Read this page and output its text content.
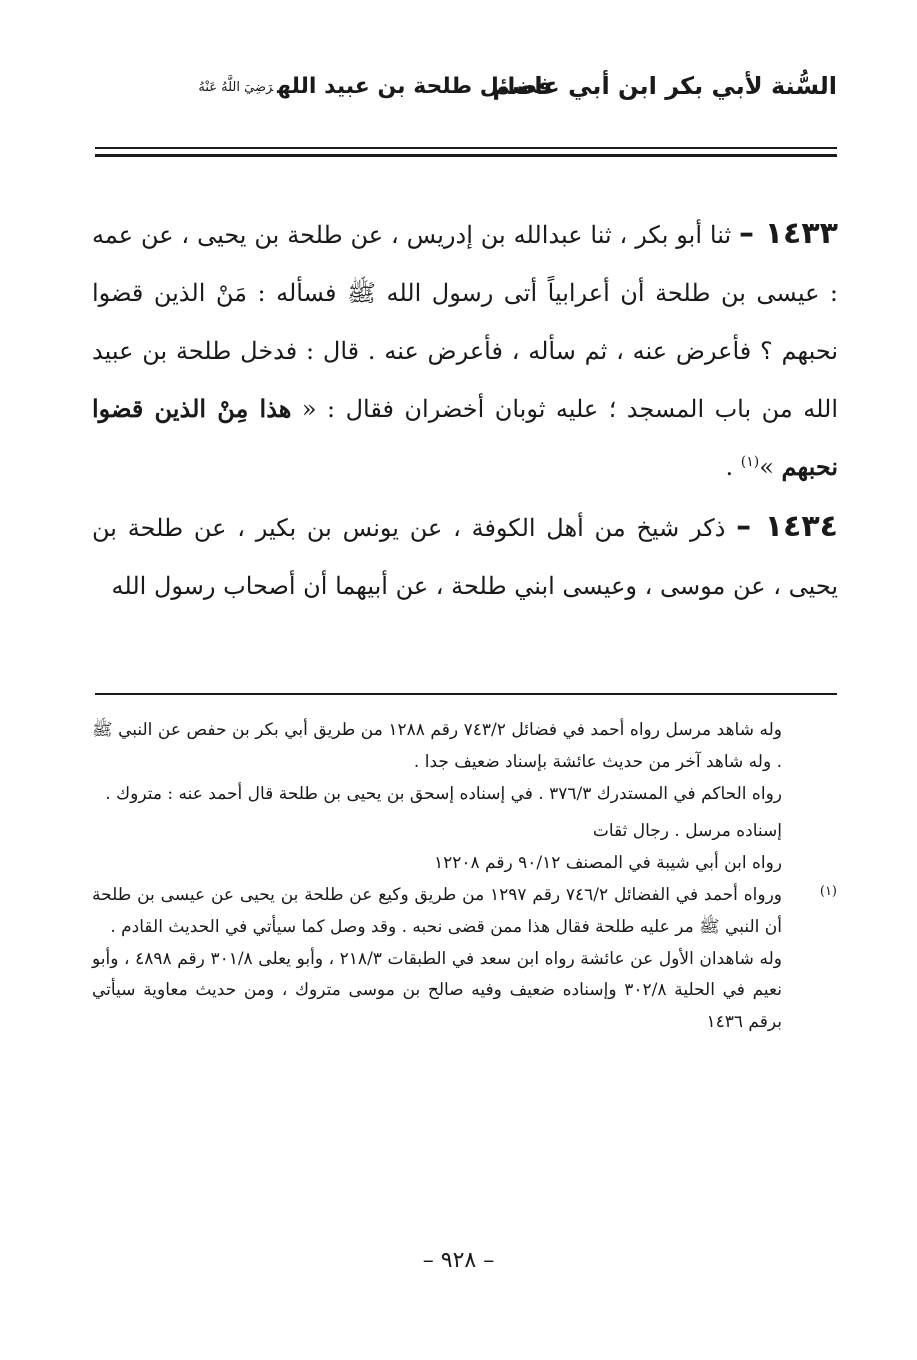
السُّنة لأبي بكر ابن أبي عاصم
فضائل طلحة بن عبيد اللهرَضِيَ اللَّهُ عَنْهُ

١٤٣٣ – ثنا أبو بكر ، ثنا عبدالله بن إدريس ، عن طلحة بن يحيى ، عن عمه : عيسى بن طلحة أن أعرابياً أتى رسول الله ﷺ فسأله : مَنْ الذين قضوا نحبهم ؟ فأعرض عنه ، ثم سأله ، فأعرض عنه . قال : فدخل طلحة بن عبيد الله من باب المسجد ؛ عليه ثوبان أخضران فقال : « هذا مِنْ الذين قضوا نحبهم »$^{(١)}$ .

١٤٣٤ – ذكر شيخ من أهل الكوفة ، عن يونس بن بكير ، عن طلحة بن يحيى ، عن موسى ، وعيسى ابني طلحة ، عن أبيهما أن أصحاب رسول الله

(١)

وله شاهد مرسل رواه أحمد في فضائل ٧٤٣/٢ رقم ١٢٨٨ من طريق أبي بكر بن حفص عن النبي ﷺ . وله شاهد آخر من حديث عائشة بإسناد ضعيف جدا .

رواه الحاكم في المستدرك ٣٧٦/٣ . في إسناده إسحق بن يحيى بن طلحة قال أحمد عنه : متروك .

إسناده مرسل . رجال ثقات

رواه ابن أبي شيبة في المصنف ٩٠/١٢ رقم ١٢٢٠٨

ورواه أحمد في الفضائل ٧٤٦/٢ رقم ١٢٩٧ من طريق وكيع عن طلحة بن يحيى عن عيسى بن طلحة أن النبي ﷺ مر عليه طلحة فقال هذا ممن قضى نحبه . وقد وصل كما سيأتي في الحديث القادم .

وله شاهدان الأول عن عائشة رواه ابن سعد في الطبقات ٢١٨/٣ ، وأبو يعلى ٣٠١/٨ رقم ٤٨٩٨ ، وأبو نعيم في الحلية ٣٠٢/٨ وإسناده ضعيف وفيه صالح بن موسى متروك ، ومن حديث معاوية سيأتي برقم ١٤٣٦

– ٩٢٨ –
